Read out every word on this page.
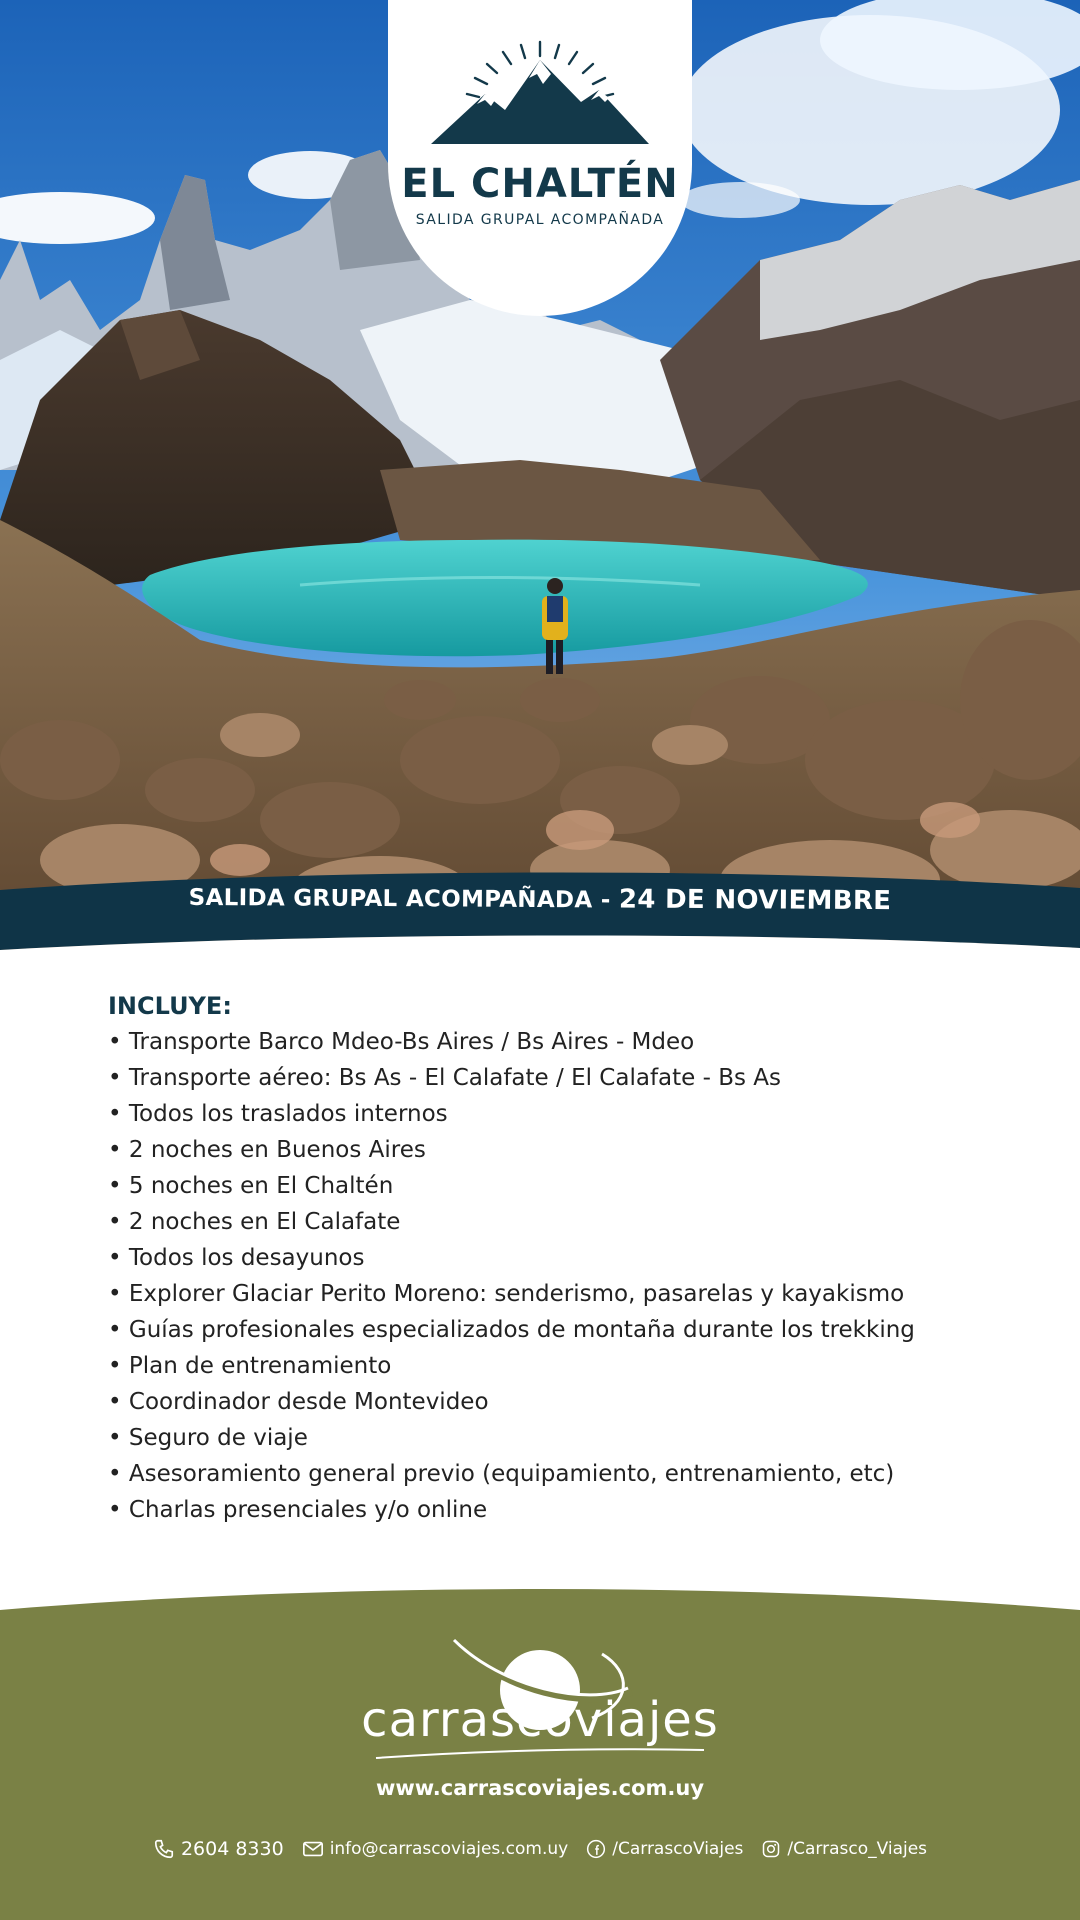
EL CHALTÉN
SALIDA GRUPAL ACOMPAÑADA
SALIDA GRUPAL ACOMPAÑADA - 24 DE NOVIEMBRE
INCLUYE:
• Transporte Barco Mdeo-Bs Aires / Bs Aires - Mdeo
• Transporte aéreo: Bs As - El Calafate / El Calafate - Bs As
• Todos los traslados internos
• 2 noches en Buenos Aires
• 5 noches en El Chaltén
• 2 noches en El Calafate
• Todos los desayunos
• Explorer Glaciar Perito Moreno: senderismo, pasarelas y kayakismo
• Guías profesionales especializados de montaña durante los trekking
• Plan de entrenamiento
• Coordinador desde Montevideo
• Seguro de viaje
• Asesoramiento general previo (equipamiento, entrenamiento, etc)
• Charlas presenciales y/o online
carrascoviajes
www.carrascoviajes.com.uy
2604 8330	info@carrascoviajes.com.uy	/CarrascoViajes	/Carrasco_Viajes
